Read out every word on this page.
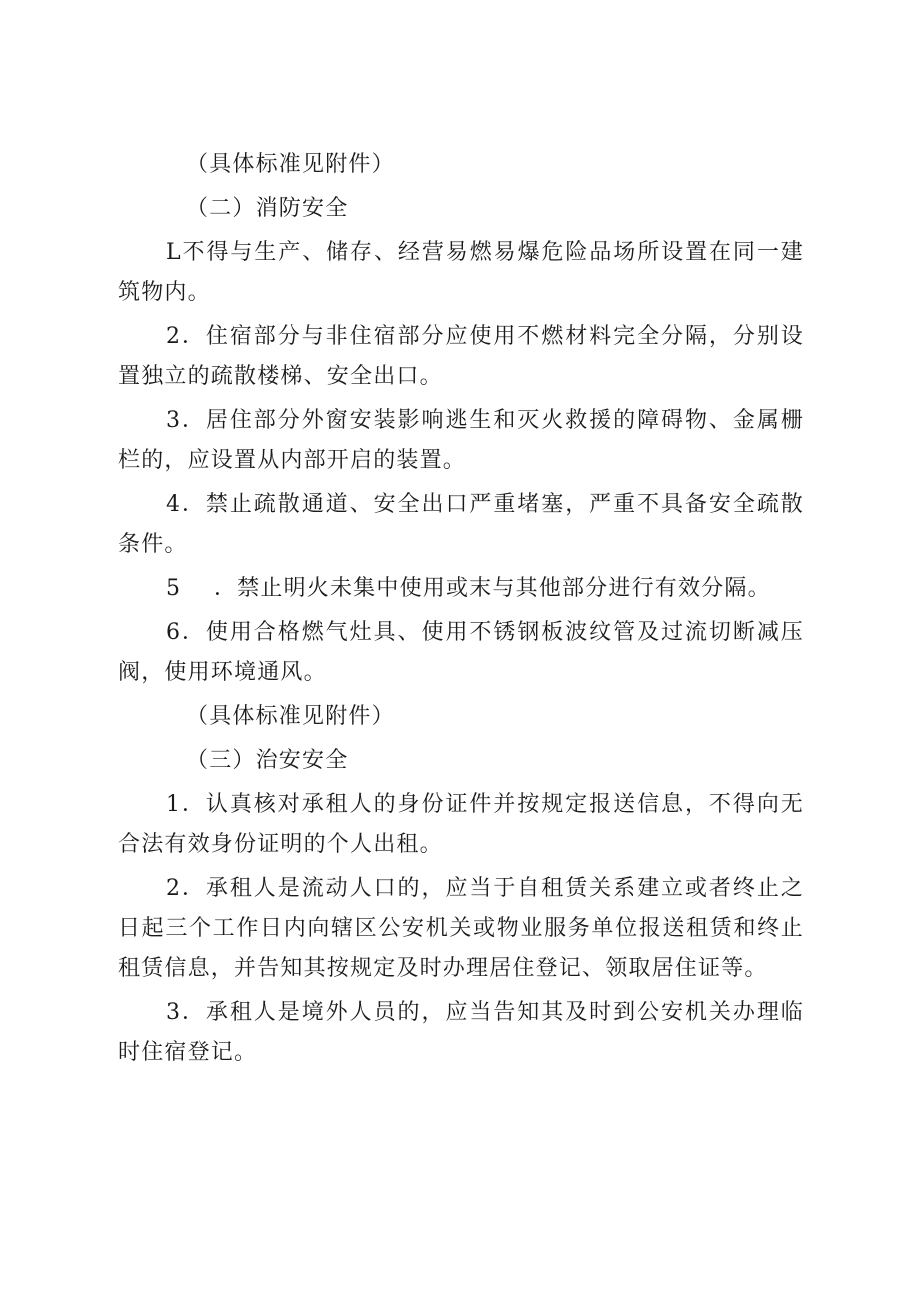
（具体标准见附件）

（二）消防安全

L不得与生产、储存、经营易燃易爆危险品场所设置在同一建筑物内。

2．住宿部分与非住宿部分应使用不燃材料完全分隔，分别设置独立的疏散楼梯、安全出口。

3．居住部分外窗安装影响逃生和灭火救援的障碍物、金属栅栏的，应设置从内部开启的装置。

4．禁止疏散通道、安全出口严重堵塞，严重不具备安全疏散条件。

5    ．禁止明火未集中使用或末与其他部分进行有效分隔。

6．使用合格燃气灶具、使用不锈钢板波纹管及过流切断减压阀，使用环境通风。

（具体标准见附件）

（三）治安安全

1．认真核对承租人的身份证件并按规定报送信息，不得向无合法有效身份证明的个人出租。

2．承租人是流动人口的，应当于自租赁关系建立或者终止之日起三个工作日内向辖区公安机关或物业服务单位报送租赁和终止租赁信息，并告知其按规定及时办理居住登记、领取居住证等。

3．承租人是境外人员的，应当告知其及时到公安机关办理临时住宿登记。
